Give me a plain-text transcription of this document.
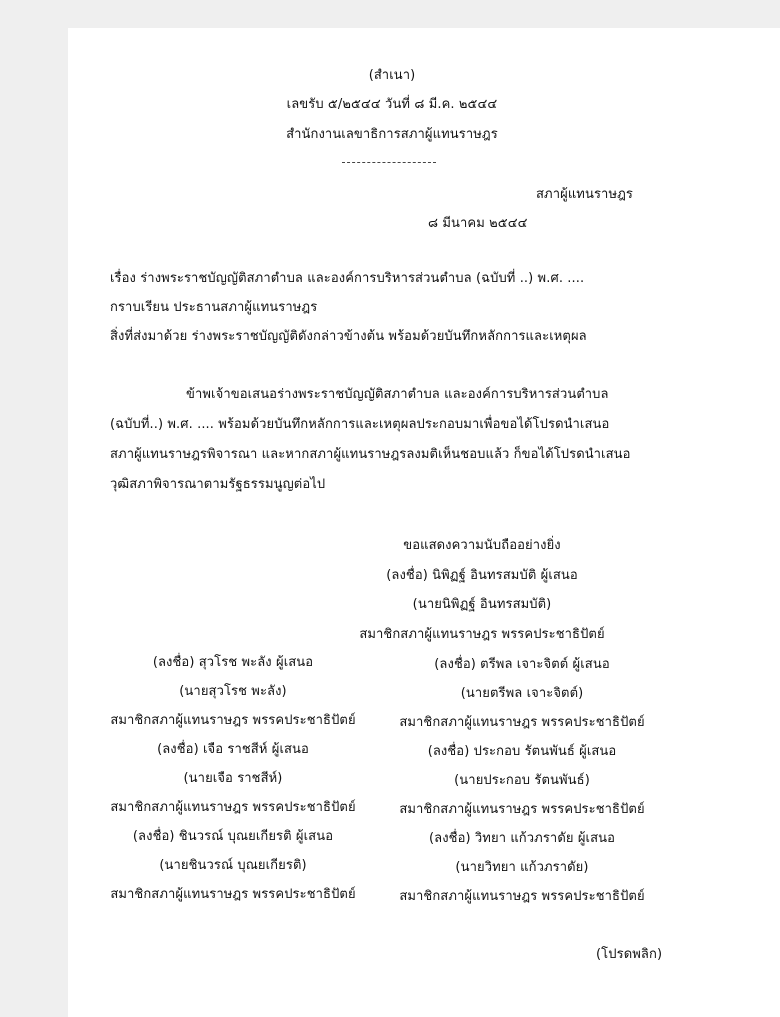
(สำเนา)
เลขรับ ๕/๒๕๔๔ วันที่ ๘ มี.ค. ๒๕๔๔
สำนักงานเลขาธิการสภาผู้แทนราษฎร
สภาผู้แทนราษฎร
๘ มีนาคม ๒๕๔๔
เรื่อง ร่างพระราชบัญญัติสภาตำบล และองค์การบริหารส่วนตำบล (ฉบับที่ ..) พ.ศ. ....
กราบเรียน ประธานสภาผู้แทนราษฎร
สิ่งที่ส่งมาด้วย ร่างพระราชบัญญัติดังกล่าวข้างต้น พร้อมด้วยบันทึกหลักการและเหตุผล
ข้าพเจ้าขอเสนอร่างพระราชบัญญัติสภาตำบล และองค์การบริหารส่วนตำบล
(ฉบับที่..) พ.ศ. .... พร้อมด้วยบันทึกหลักการและเหตุผลประกอบมาเพื่อขอได้โปรดนำเสนอ
สภาผู้แทนราษฎรพิจารณา และหากสภาผู้แทนราษฎรลงมติเห็นชอบแล้ว ก็ขอได้โปรดนำเสนอ
วุฒิสภาพิจารณาตามรัฐธรรมนูญต่อไป
ขอแสดงความนับถืออย่างยิ่ง
(ลงชื่อ) นิพิฏฐ์ อินทรสมบัติ ผู้เสนอ
(นายนิพิฏฐ์ อินทรสมบัติ)
สมาชิกสภาผู้แทนราษฎร พรรคประชาธิปัตย์
(ลงชื่อ) สุวโรช พะลัง ผู้เสนอ
(นายสุวโรช พะลัง)
สมาชิกสภาผู้แทนราษฎร พรรคประชาธิปัตย์
(ลงชื่อ) เจือ ราชสีห์ ผู้เสนอ
(นายเจือ ราชสีห์)
สมาชิกสภาผู้แทนราษฎร พรรคประชาธิปัตย์
(ลงชื่อ) ชินวรณ์ บุณยเกียรติ ผู้เสนอ
(นายชินวรณ์ บุณยเกียรติ)
สมาชิกสภาผู้แทนราษฎร พรรคประชาธิปัตย์
(ลงชื่อ) ตรีพล เจาะจิตต์ ผู้เสนอ
(นายตรีพล เจาะจิตต์)
สมาชิกสภาผู้แทนราษฎร พรรคประชาธิปัตย์
(ลงชื่อ) ประกอบ รัตนพันธ์ ผู้เสนอ
(นายประกอบ รัตนพันธ์)
สมาชิกสภาผู้แทนราษฎร พรรคประชาธิปัตย์
(ลงชื่อ) วิทยา แก้วภราดัย ผู้เสนอ
(นายวิทยา แก้วภราดัย)
สมาชิกสภาผู้แทนราษฎร พรรคประชาธิปัตย์
(โปรดพลิก)
